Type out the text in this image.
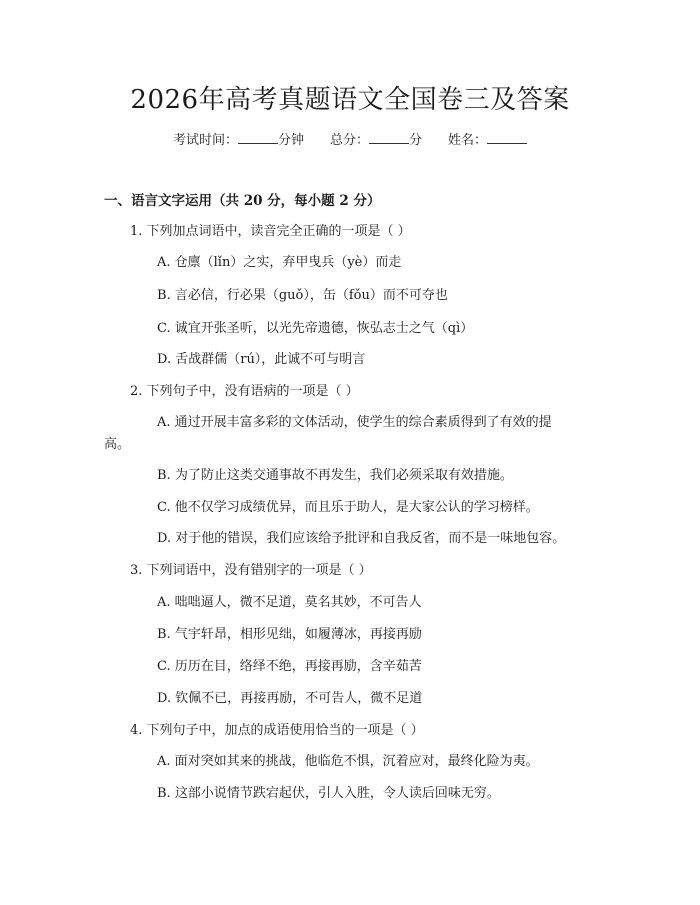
2026年高考真题语文全国卷三及答案
考试时间：	分钟 总分：	分 姓名：
一、语言文字运用（共 20 分，每小题 2 分）
1. 下列加点词语中，读音完全正确的一项是（ ）
A. 仓廪（lǐn）之实，弃甲曳兵（yè）而走
B. 言必信，行必果（guǒ），缶（fǒu）而不可夺也
C. 诚宜开张圣听，以光先帝遗德，恢弘志士之气（qì）
D. 舌战群儒（rú），此诚不可与明言
2. 下列句子中，没有语病的一项是（ ）
A. 通过开展丰富多彩的文体活动，使学生的综合素质得到了有效的提
高。
B. 为了防止这类交通事故不再发生，我们必须采取有效措施。
C. 他不仅学习成绩优异，而且乐于助人，是大家公认的学习榜样。
D. 对于他的错误，我们应该给予批评和自我反省，而不是一味地包容。
3. 下列词语中，没有错别字的一项是（ ）
A. 咄咄逼人，微不足道，莫名其妙，不可告人
B. 气宇轩昂，相形见绌，如履薄冰，再接再励
C. 历历在目，络绎不绝，再接再励，含辛茹苦
D. 钦佩不已，再接再励，不可告人，微不足道
4. 下列句子中，加点的成语使用恰当的一项是（ ）
A. 面对突如其来的挑战，他临危不惧，沉着应对，最终化险为夷。
B. 这部小说情节跌宕起伏，引人入胜，令人读后回味无穷。
